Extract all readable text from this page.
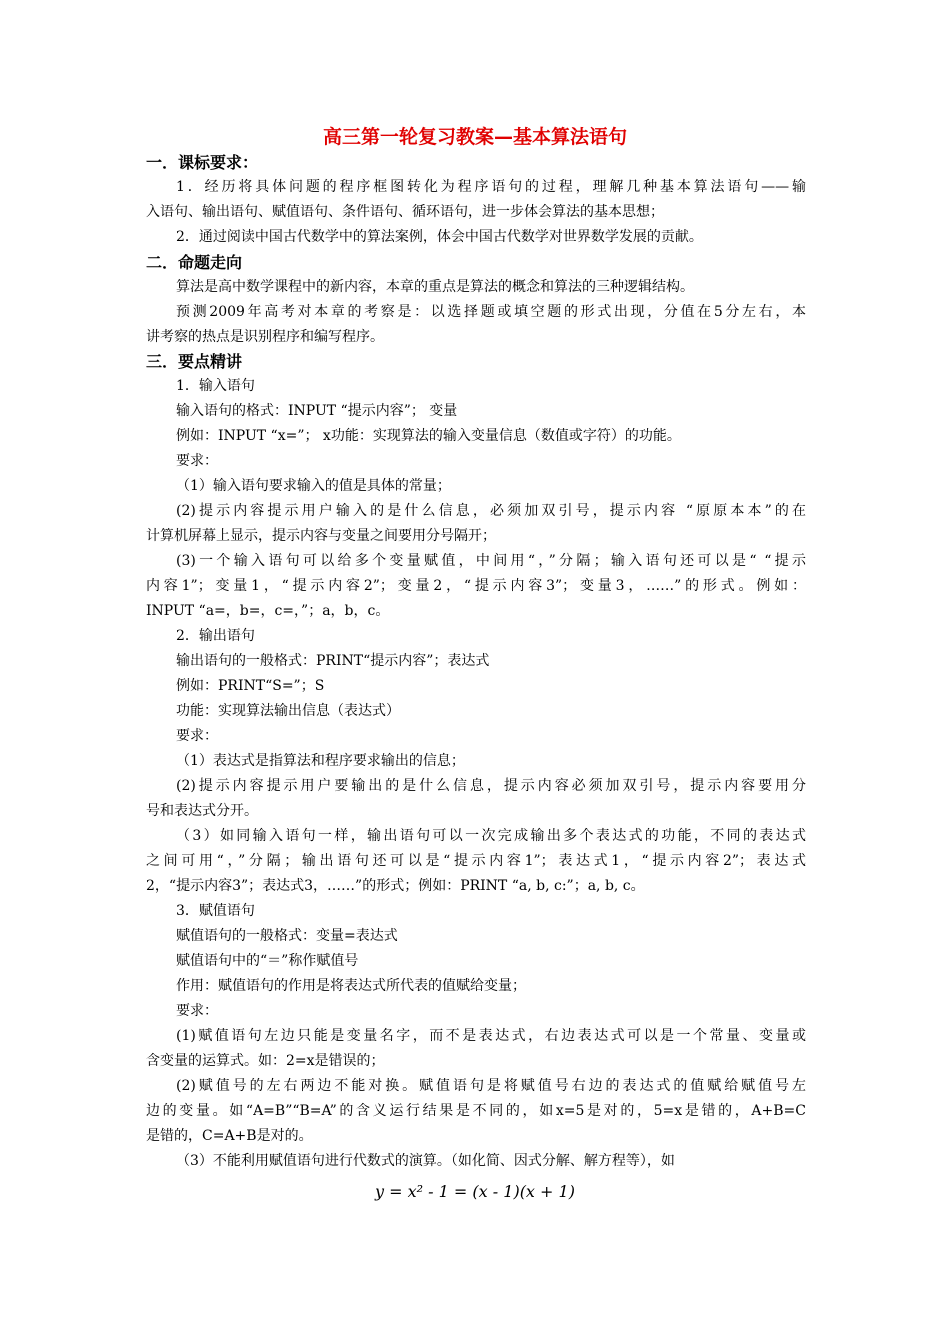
高三第一轮复习教案—基本算法语句
一．课标要求：
1．经历将具体问题的程序框图转化为程序语句的过程，理解几种基本算法语句——输
入语句、输出语句、赋值语句、条件语句、循环语句，进一步体会算法的基本思想；
2．通过阅读中国古代数学中的算法案例，体会中国古代数学对世界数学发展的贡献。
二．命题走向
算法是高中数学课程中的新内容，本章的重点是算法的概念和算法的三种逻辑结构。
预测2009年高考对本章的考察是：以选择题或填空题的形式出现，分值在5分左右，本
讲考察的热点是识别程序和编写程序。
三．要点精讲
1．输入语句
输入语句的格式：INPUT “提示内容”； 变量
例如：INPUT “x=”； x功能：实现算法的输入变量信息（数值或字符）的功能。
要求：
（1）输入语句要求输入的值是具体的常量；
(2)提示内容提示用户输入的是什么信息，必须加双引号，提示内容 “原原本本”的在
计算机屏幕上显示，提示内容与变量之间要用分号隔开；
(3)一个输入语句可以给多个变量赋值，中间用“，”分隔；输入语句还可以是“ “提示
内容1”；变量1，“提示内容2”；变量2，“提示内容3”；变量3，……”的形式。例如：
INPUT “a=，b=，c=，”；a，b，c。
2．输出语句
输出语句的一般格式：PRINT“提示内容”；表达式
例如：PRINT“S=”；S
功能：实现算法输出信息（表达式）
要求：
（1）表达式是指算法和程序要求输出的信息；
(2)提示内容提示用户要输出的是什么信息，提示内容必须加双引号，提示内容要用分
号和表达式分开。
（3）如同输入语句一样，输出语句可以一次完成输出多个表达式的功能，不同的表达式
之间可用“，”分隔；输出语句还可以是“提示内容1”；表达式1，“提示内容2”；表达式
2，“提示内容3”；表达式3，……”的形式；例如：PRINT “a, b, c:”；a, b, c。
3．赋值语句
赋值语句的一般格式：变量=表达式
赋值语句中的“＝”称作赋值号
作用：赋值语句的作用是将表达式所代表的值赋给变量；
要求：
(1)赋值语句左边只能是变量名字，而不是表达式，右边表达式可以是一个常量、变量或
含变量的运算式。如：2=x是错误的；
(2)赋值号的左右两边不能对换。赋值语句是将赋值号右边的表达式的值赋给赋值号左
边的变量。如“A=B”“B=A”的含义运行结果是不同的，如x=5是对的，5=x是错的，A+B=C
是错的，C=A+B是对的。
（3）不能利用赋值语句进行代数式的演算。（如化简、因式分解、解方程等），如
y = x² - 1 = (x - 1)(x + 1)
